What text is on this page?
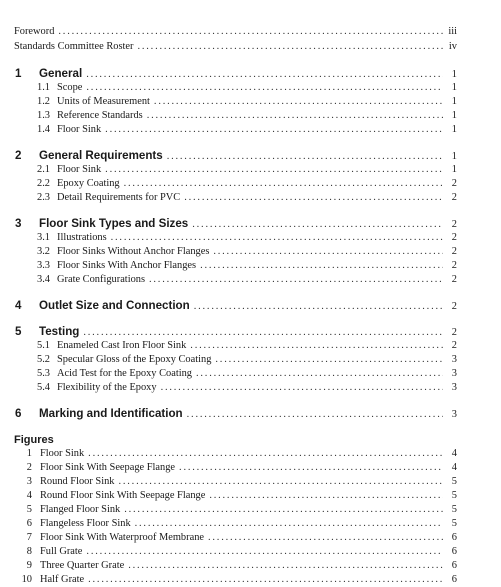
Foreword . . .	iii
Standards Committee Roster . . .	iv
1	General . . .	1
1.1 Scope . . .	1
1.2 Units of Measurement . . .	1
1.3 Reference Standards . . .	1
1.4 Floor Sink . . .	1
2	General Requirements . . .	1
2.1 Floor Sink . . .	1
2.2 Epoxy Coating . . .	2
2.3 Detail Requirements for PVC . . .	2
3	Floor Sink Types and Sizes . . .	2
3.1 Illustrations . . .	2
3.2 Floor Sinks Without Anchor Flanges . . .	2
3.3 Floor Sinks With Anchor Flanges . . .	2
3.4 Grate Configurations . . .	2
4	Outlet Size and Connection . . .	2
5	Testing . . .	2
5.1 Enameled Cast Iron Floor Sink . . .	2
5.2 Specular Gloss of the Epoxy Coating . . .	3
5.3 Acid Test for the Epoxy Coating . . .	3
5.4 Flexibility of the Epoxy . . .	3
6	Marking and Identification . . .	3
Figures
1 Floor Sink . . .	4
2 Floor Sink With Seepage Flange . . .	4
3 Round Floor Sink . . .	5
4 Round Floor Sink With Seepage Flange . . .	5
5 Flanged Floor Sink . . .	5
6 Flangeless Floor Sink . . .	5
7 Floor Sink With Waterproof Membrane . . .	6
8 Full Grate . . .	6
9 Three Quarter Grate . . .	6
10 Half Grate . . .	6
